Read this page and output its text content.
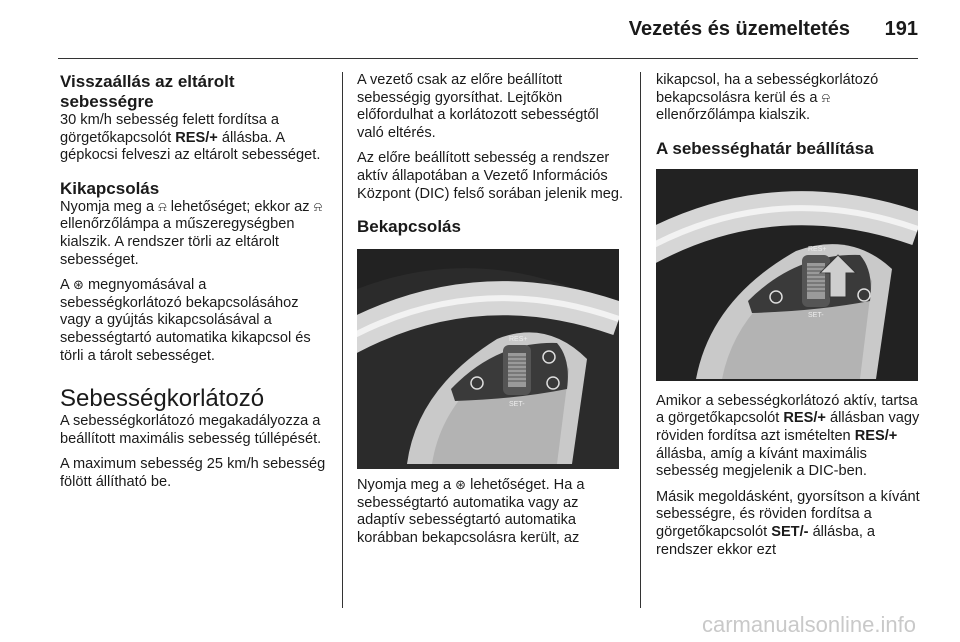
Vezetés és üzemeltetés 191
Visszaállás az eltárolt sebességre

30 km/h sebesség felett fordítsa a görgetőkapcsolót RES/+ állásba. A gépkocsi felveszi az eltárolt sebességet.

Kikapcsolás

Nyomja meg a ⍾ lehetőséget; ekkor az ⍾ ellenőrzőlámpa a műszeregységben kialszik. A rendszer törli az eltárolt sebességet.

A ⊛ megnyomásával a sebességkorlátozó bekapcsolásához vagy a gyújtás kikapcsolásával a sebességtartó automatika kikapcsol és törli a tárolt sebességet.

Sebességkorlátozó

A sebességkorlátozó megakadályozza a beállított maximális sebesség túllépését.

A maximum sebesség 25 km/h sebesség fölött állítható be.

A vezető csak az előre beállított sebességig gyorsíthat. Lejtőkön előfordulhat a korlátozott sebességtől való eltérés.

Az előre beállított sebesség a rendszer aktív állapotában a Vezető Információs Központ (DIC) felső sorában jelenik meg.

Bekapcsolás
RES+
SET-

Nyomja meg a ⊛ lehetőséget. Ha a sebességtartó automatika vagy az adaptív sebességtartó automatika korábban bekapcsolásra került, az

kikapcsol, ha a sebességkorlátozó bekapcsolásra kerül és a ⍾ ellenőrzőlámpa kialszik.

A sebességhatár beállítása
RES+
SET-

Amikor a sebességkorlátozó aktív, tartsa a görgetőkapcsolót RES/+ állásban vagy röviden fordítsa azt ismételten RES/+ állásba, amíg a kívánt maximális sebesség megjelenik a DIC-ben.

Másik megoldásként, gyorsítson a kívánt sebességre, és röviden fordítsa a görgetőkapcsolót SET/- állásba, a rendszer ekkor ezt

carmanualsonline.info
